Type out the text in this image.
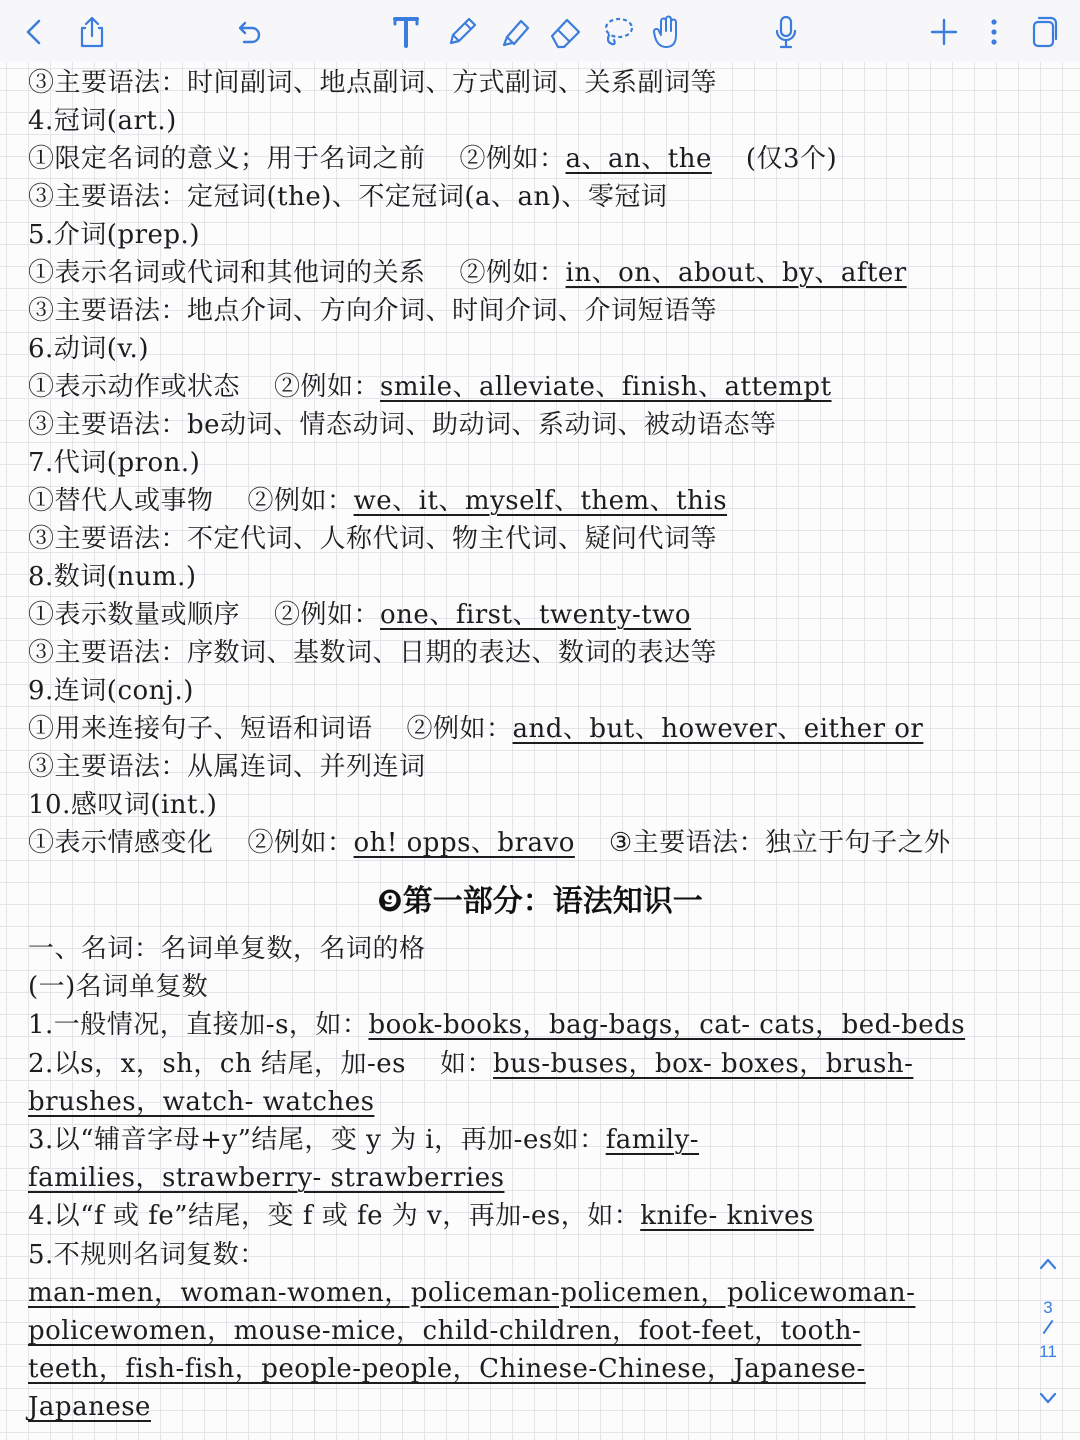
③主要语法：时间副词、地点副词、方式副词、关系副词等
4.冠词(art.)
①限定名词的意义；用于名词之前 ②例如：a、an、the (仅3个)
③主要语法：定冠词(the)、不定冠词(a、an)、零冠词
5.介词(prep.)
①表示名词或代词和其他词的关系 ②例如：in、on、about、by、after
③主要语法：地点介词、方向介词、时间介词、介词短语等
6.动词(v.)
①表示动作或状态 ②例如：smile、alleviate、finish、attempt
③主要语法：be动词、情态动词、助动词、系动词、被动语态等
7.代词(pron.)
①替代人或事物 ②例如：we、it、myself、them、this
③主要语法：不定代词、人称代词、物主代词、疑问代词等
8.数词(num.)
①表示数量或顺序 ②例如：one、first、twenty-two
③主要语法：序数词、基数词、日期的表达、数词的表达等
9.连词(conj.)
①用来连接句子、短语和词语 ②例如：and、but、however、either or
③主要语法：从属连词、并列连词
10.感叹词(int.)
①表示情感变化 ②例如：oh! opps、bravo ③主要语法：独立于句子之外
❾第一部分：语法知识一
一、名词：名词单复数，名词的格
(一)名词单复数
1.一般情况，直接加-s，如：book-books，bag-bags，cat- cats，bed-beds
2.以s，x，sh，ch 结尾，加-es 如：bus-buses，box- boxes，brush-
brushes，watch- watches
3.以“辅音字母+y”结尾，变 y 为 i，再加-es如：family-
families，strawberry- strawberries
4.以“f 或 fe”结尾，变 f 或 fe 为 v，再加-es，如：knife- knives
5.不规则名词复数：
man-men，woman-women，policeman-policemen，policewoman-
policewomen，mouse-mice，child-children，foot-feet，tooth-
teeth，fish-fish，people-people，Chinese-Chinese，Japanese-
Japanese
3
11
